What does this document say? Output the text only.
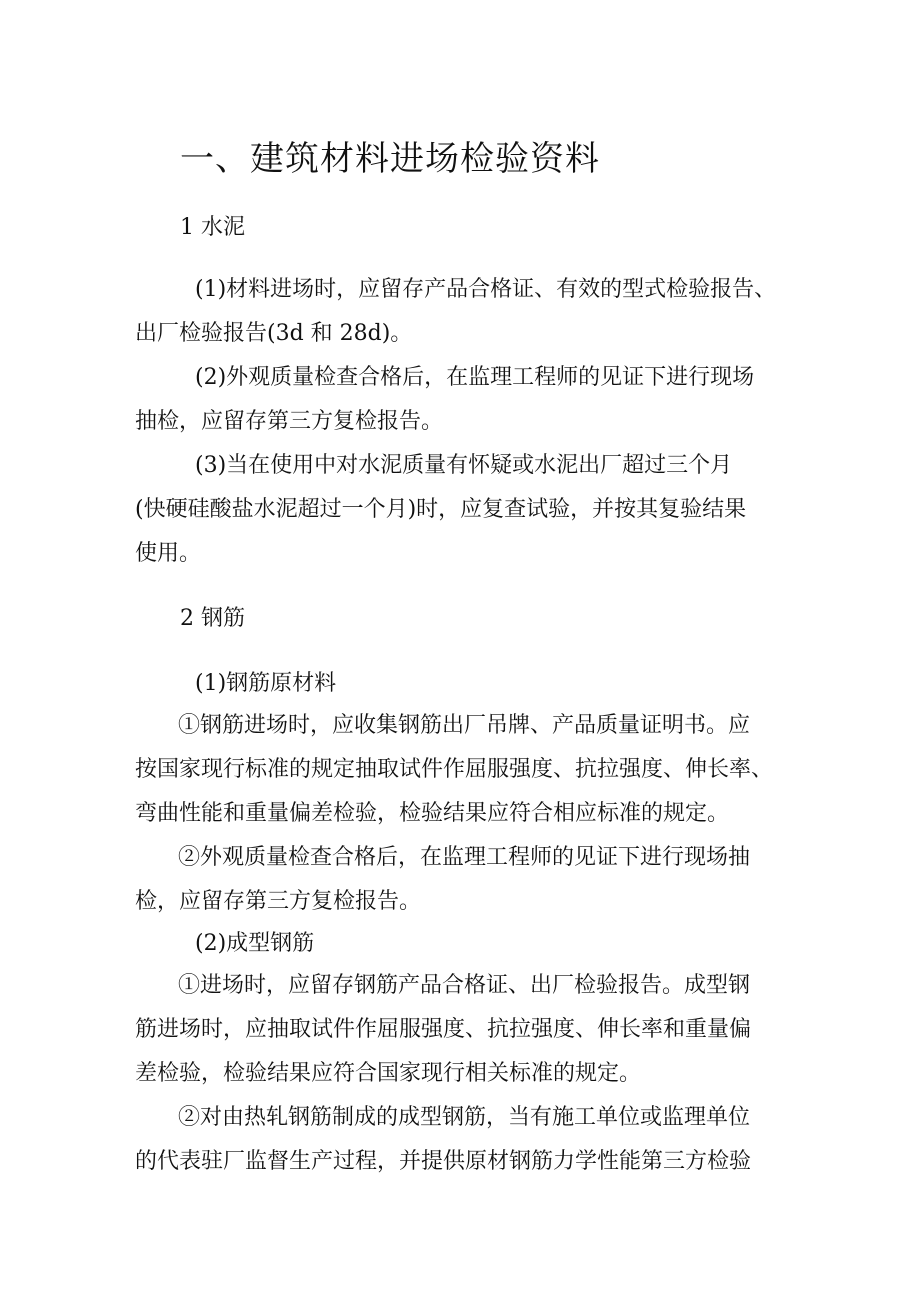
一、建筑材料进场检验资料
1 水泥

(1)材料进场时，应留存产品合格证、有效的型式检验报告、

出厂检验报告(3d 和 28d)。

(2)外观质量检查合格后，在监理工程师的见证下进行现场

抽检，应留存第三方复检报告。

(3)当在使用中对水泥质量有怀疑或水泥出厂超过三个月

(快硬硅酸盐水泥超过一个月)时，应复查试验，并按其复验结果

使用。

2 钢筋

(1)钢筋原材料

①钢筋进场时，应收集钢筋出厂吊牌、产品质量证明书。应

按国家现行标准的规定抽取试件作屈服强度、抗拉强度、伸长率、

弯曲性能和重量偏差检验，检验结果应符合相应标准的规定。

②外观质量检查合格后，在监理工程师的见证下进行现场抽

检，应留存第三方复检报告。

(2)成型钢筋

①进场时，应留存钢筋产品合格证、出厂检验报告。成型钢

筋进场时，应抽取试件作屈服强度、抗拉强度、伸长率和重量偏

差检验，检验结果应符合国家现行相关标准的规定。

②对由热轧钢筋制成的成型钢筋，当有施工单位或监理单位

的代表驻厂监督生产过程，并提供原材钢筋力学性能第三方检验
